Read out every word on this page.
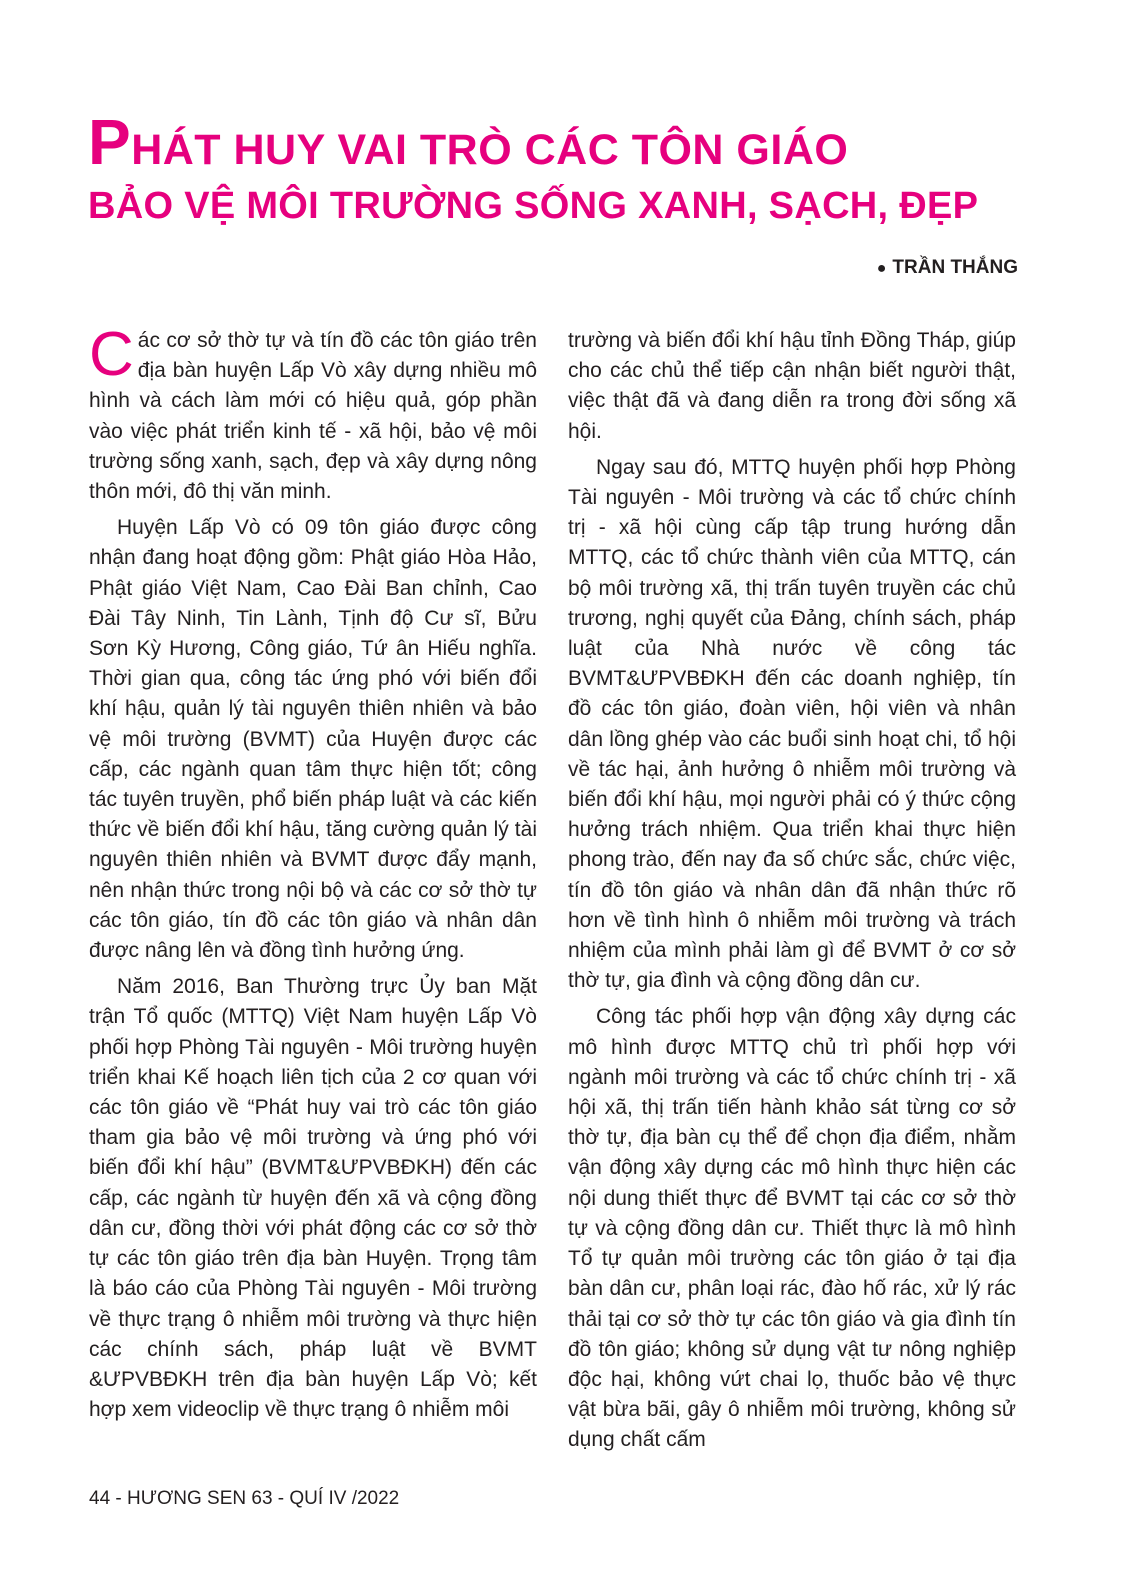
PHÁT HUY VAI TRÒ CÁC TÔN GIÁO
BẢO VỆ MÔI TRƯỜNG SỐNG XANH, SẠCH, ĐẸP
● TRẦN THẮNG

Các cơ sở thờ tự và tín đồ các tôn giáo trên địa bàn huyện Lấp Vò xây dựng nhiều mô hình và cách làm mới có hiệu quả, góp phần vào việc phát triển kinh tế - xã hội, bảo vệ môi trường sống xanh, sạch, đẹp và xây dựng nông thôn mới, đô thị văn minh.

Huyện Lấp Vò có 09 tôn giáo được công nhận đang hoạt động gồm: Phật giáo Hòa Hảo, Phật giáo Việt Nam, Cao Đài Ban chỉnh, Cao Đài Tây Ninh, Tin Lành, Tịnh độ Cư sĩ, Bửu Sơn Kỳ Hương, Công giáo, Tứ ân Hiếu nghĩa. Thời gian qua, công tác ứng phó với biến đổi khí hậu, quản lý tài nguyên thiên nhiên và bảo vệ môi trường (BVMT) của Huyện được các cấp, các ngành quan tâm thực hiện tốt; công tác tuyên truyền, phổ biến pháp luật và các kiến thức về biến đổi khí hậu, tăng cường quản lý tài nguyên thiên nhiên và BVMT được đẩy mạnh, nên nhận thức trong nội bộ và các cơ sở thờ tự các tôn giáo, tín đồ các tôn giáo và nhân dân được nâng lên và đồng tình hưởng ứng.

Năm 2016, Ban Thường trực Ủy ban Mặt trận Tổ quốc (MTTQ) Việt Nam huyện Lấp Vò phối hợp Phòng Tài nguyên - Môi trường huyện triển khai Kế hoạch liên tịch của 2 cơ quan với các tôn giáo về “Phát huy vai trò các tôn giáo tham gia bảo vệ môi trường và ứng phó với biến đổi khí hậu” (BVMT&ƯPVBĐKH) đến các cấp, các ngành từ huyện đến xã và cộng đồng dân cư, đồng thời với phát động các cơ sở thờ tự các tôn giáo trên địa bàn Huyện. Trọng tâm là báo cáo của Phòng Tài nguyên - Môi trường về thực trạng ô nhiễm môi trường và thực hiện các chính sách, pháp luật về BVMT &ƯPVBĐKH trên địa bàn huyện Lấp Vò; kết hợp xem videoclip về thực trạng ô nhiễm môi

trường và biến đổi khí hậu tỉnh Đồng Tháp, giúp cho các chủ thể tiếp cận nhận biết người thật, việc thật đã và đang diễn ra trong đời sống xã hội.

Ngay sau đó, MTTQ huyện phối hợp Phòng Tài nguyên - Môi trường và các tổ chức chính trị - xã hội cùng cấp tập trung hướng dẫn MTTQ, các tổ chức thành viên của MTTQ, cán bộ môi trường xã, thị trấn tuyên truyền các chủ trương, nghị quyết của Đảng, chính sách, pháp luật của Nhà nước về công tác BVMT&ƯPVBĐKH đến các doanh nghiệp, tín đồ các tôn giáo, đoàn viên, hội viên và nhân dân lồng ghép vào các buổi sinh hoạt chi, tổ hội về tác hại, ảnh hưởng ô nhiễm môi trường và biến đổi khí hậu, mọi người phải có ý thức cộng hưởng trách nhiệm. Qua triển khai thực hiện phong trào, đến nay đa số chức sắc, chức việc, tín đồ tôn giáo và nhân dân đã nhận thức rõ hơn về tình hình ô nhiễm môi trường và trách nhiệm của mình phải làm gì để BVMT ở cơ sở thờ tự, gia đình và cộng đồng dân cư.

Công tác phối hợp vận động xây dựng các mô hình được MTTQ chủ trì phối hợp với ngành môi trường và các tổ chức chính trị - xã hội xã, thị trấn tiến hành khảo sát từng cơ sở thờ tự, địa bàn cụ thể để chọn địa điểm, nhằm vận động xây dựng các mô hình thực hiện các nội dung thiết thực để BVMT tại các cơ sở thờ tự và cộng đồng dân cư. Thiết thực là mô hình Tổ tự quản môi trường các tôn giáo ở tại địa bàn dân cư, phân loại rác, đào hố rác, xử lý rác thải tại cơ sở thờ tự các tôn giáo và gia đình tín đồ tôn giáo; không sử dụng vật tư nông nghiệp độc hại, không vứt chai lọ, thuốc bảo vệ thực vật bừa bãi, gây ô nhiễm môi trường, không sử dụng chất cấm

44 - HƯƠNG SEN 63 - QUÍ IV /2022
